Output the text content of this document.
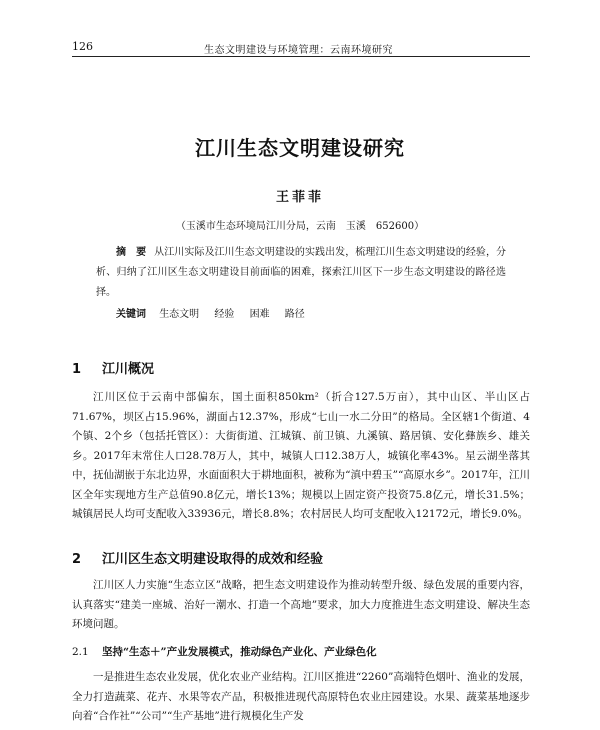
126	生态文明建设与环境管理：云南环境研究
江川生态文明建设研究
王菲菲
（玉溪市生态环境局江川分局，云南　玉溪　652600）
摘　要 从江川实际及江川生态文明建设的实践出发，梳理江川生态文明建设的经验，分析、归纳了江川区生态文明建设目前面临的困难，探索江川区下一步生态文明建设的路径选择。
关键词 生态文明 经验 困难 路径
1 江川概况
江川区位于云南中部偏东，国土面积850km²（折合127.5万亩），其中山区、半山区占71.67%，坝区占15.96%，湖面占12.37%，形成“七山一水二分田”的格局。全区辖1个街道、4个镇、2个乡（包括托管区）：大街街道、江城镇、前卫镇、九溪镇、路居镇、安化彝族乡、雄关乡。2017年末常住人口28.78万人，其中，城镇人口12.38万人，城镇化率43%。星云湖坐落其中，抚仙湖嵌于东北边界，水面面积大于耕地面积，被称为“滇中碧玉”“高原水乡”。2017年，江川区全年实现地方生产总值90.8亿元，增长13%；规模以上固定资产投资75.8亿元，增长31.5%；城镇居民人均可支配收入33936元，增长8.8%；农村居民人均可支配收入12172元，增长9.0%。
2 江川区生态文明建设取得的成效和经验
江川区人力实施“生态立区”战略，把生态文明建设作为推动转型升级、绿色发展的重要内容，认真落实“建美一座城、治好一潮水、打造一个高地”要求，加大力度推进生态文明建设、解决生态环境问题。
2.1 坚持“生态＋”产业发展模式，推动绿色产业化、产业绿色化
一是推进生态农业发展，优化农业产业结构。江川区推进“2260”高端特色烟叶、渔业的发展，全力打造蔬菜、花卉、水果等农产品，积极推进现代高原特色农业庄园建设。水果、蔬菜基地逐步向着“合作社”“公司”“生产基地”进行规模化生产发
